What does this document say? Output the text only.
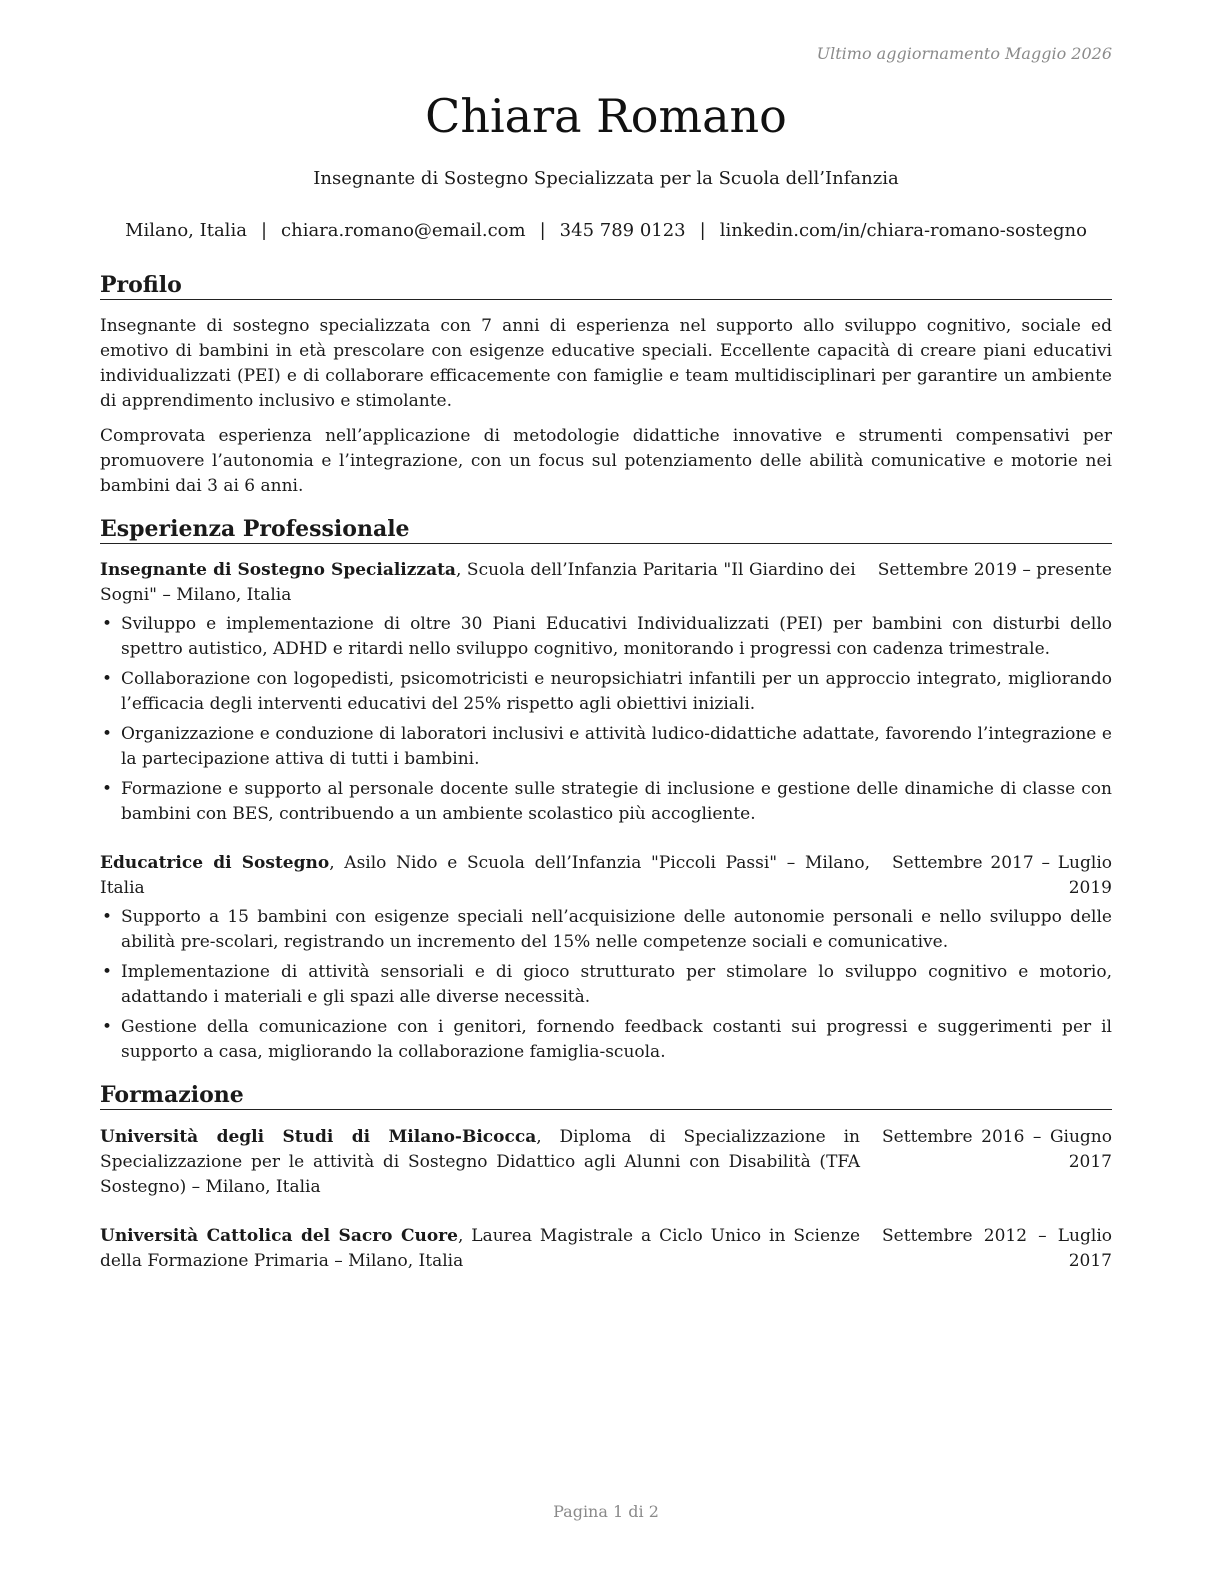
Ultimo aggiornamento Maggio 2026
Chiara Romano
Insegnante di Sostegno Specializzata per la Scuola dell’Infanzia
Milano, Italia | chiara.romano@email.com | 345 789 0123 | linkedin.com/in/chiara-romano-sostegno
Profilo

Insegnante di sostegno specializzata con 7 anni di esperienza nel supporto allo sviluppo cognitivo, sociale ed emotivo di bambini in età prescolare con esigenze educative speciali. Eccellente capacità di creare piani educativi individualizzati (PEI) e di collaborare efficacemente con famiglie e team multidisciplinari per garantire un ambiente di apprendimento inclusivo e stimolante.

Comprovata esperienza nell’applicazione di metodologie didattiche innovative e strumenti compensativi per promuovere l’autonomia e l’integrazione, con un focus sul potenziamento delle abilità comunicative e motorie nei bambini dai 3 ai 6 anni.

Esperienza Professionale
Insegnante di Sostegno Specializzata, Scuola dell’Infanzia Paritaria "Il Giardino dei Sogni" – Milano, Italia
Settembre 2019 – presente
• Sviluppo e implementazione di oltre 30 Piani Educativi Individualizzati (PEI) per bambini con disturbi dello spettro autistico, ADHD e ritardi nello sviluppo cognitivo, monitorando i progressi con cadenza trimestrale.
• Collaborazione con logopedisti, psicomotricisti e neuropsichiatri infantili per un approccio integrato, migliorando l’efficacia degli interventi educativi del 25% rispetto agli obiettivi iniziali.
• Organizzazione e conduzione di laboratori inclusivi e attività ludico-didattiche adattate, favorendo l’integrazione e la partecipazione attiva di tutti i bambini.
• Formazione e supporto al personale docente sulle strategie di inclusione e gestione delle dinamiche di classe con bambini con BES, contribuendo a un ambiente scolastico più accogliente.
Educatrice di Sostegno, Asilo Nido e Scuola dell’Infanzia "Piccoli Passi" – Milano, Italia
Settembre 2017 – Luglio 2019
• Supporto a 15 bambini con esigenze speciali nell’acquisizione delle autonomie personali e nello sviluppo delle abilità pre-scolari, registrando un incremento del 15% nelle competenze sociali e comunicative.
• Implementazione di attività sensoriali e di gioco strutturato per stimolare lo sviluppo cognitivo e motorio, adattando i materiali e gli spazi alle diverse necessità.
• Gestione della comunicazione con i genitori, fornendo feedback costanti sui progressi e suggerimenti per il supporto a casa, migliorando la collaborazione famiglia-scuola.
Formazione
Università degli Studi di Milano-Bicocca, Diploma di Specializzazione in Specializzazione per le attività di Sostegno Didattico agli Alunni con Disabilità (TFA Sostegno) – Milano, Italia
Settembre 2016 – Giugno 2017
Università Cattolica del Sacro Cuore, Laurea Magistrale a Ciclo Unico in Scienze della Formazione Primaria – Milano, Italia
Settembre 2012 – Luglio 2017
Pagina 1 di 2
